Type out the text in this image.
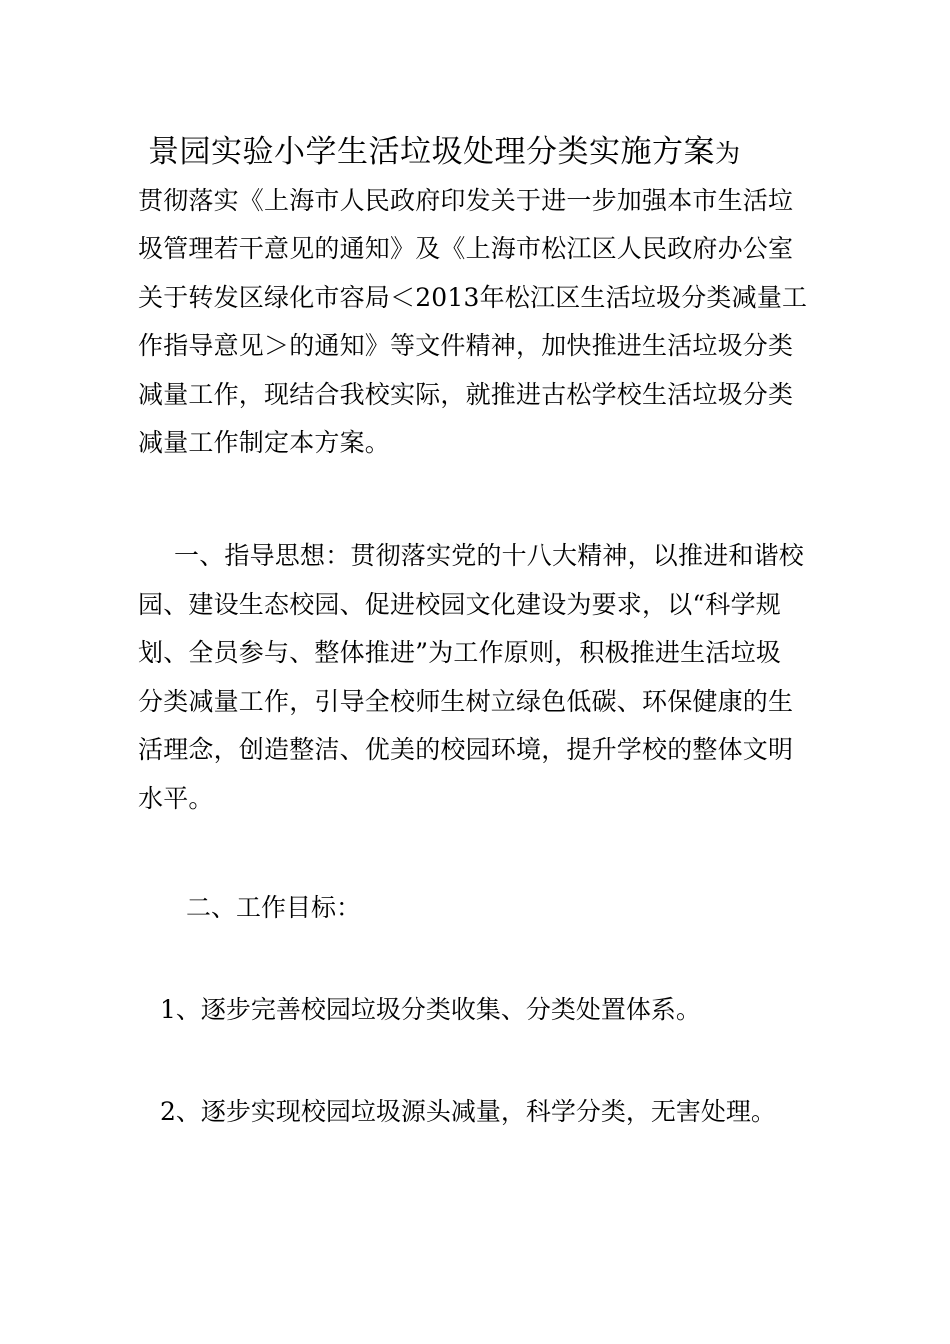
景园实验小学生活垃圾处理分类实施方案为
贯彻落实《上海市人民政府印发关于进一步加强本市生活垃
圾管理若干意见的通知》及《上海市松江区人民政府办公室
关于转发区绿化市容局＜2013年松江区生活垃圾分类减量工
作指导意见＞的通知》等文件精神，加快推进生活垃圾分类
减量工作，现结合我校实际，就推进古松学校生活垃圾分类
减量工作制定本方案。
一、指导思想：贯彻落实党的十八大精神，以推进和谐校
园、建设生态校园、促进校园文化建设为要求，以“科学规
划、全员参与、整体推进”为工作原则，积极推进生活垃圾
分类减量工作，引导全校师生树立绿色低碳、环保健康的生
活理念，创造整洁、优美的校园环境，提升学校的整体文明
水平。
二、工作目标：
1、逐步完善校园垃圾分类收集、分类处置体系。
2、逐步实现校园垃圾源头减量，科学分类，无害处理。
